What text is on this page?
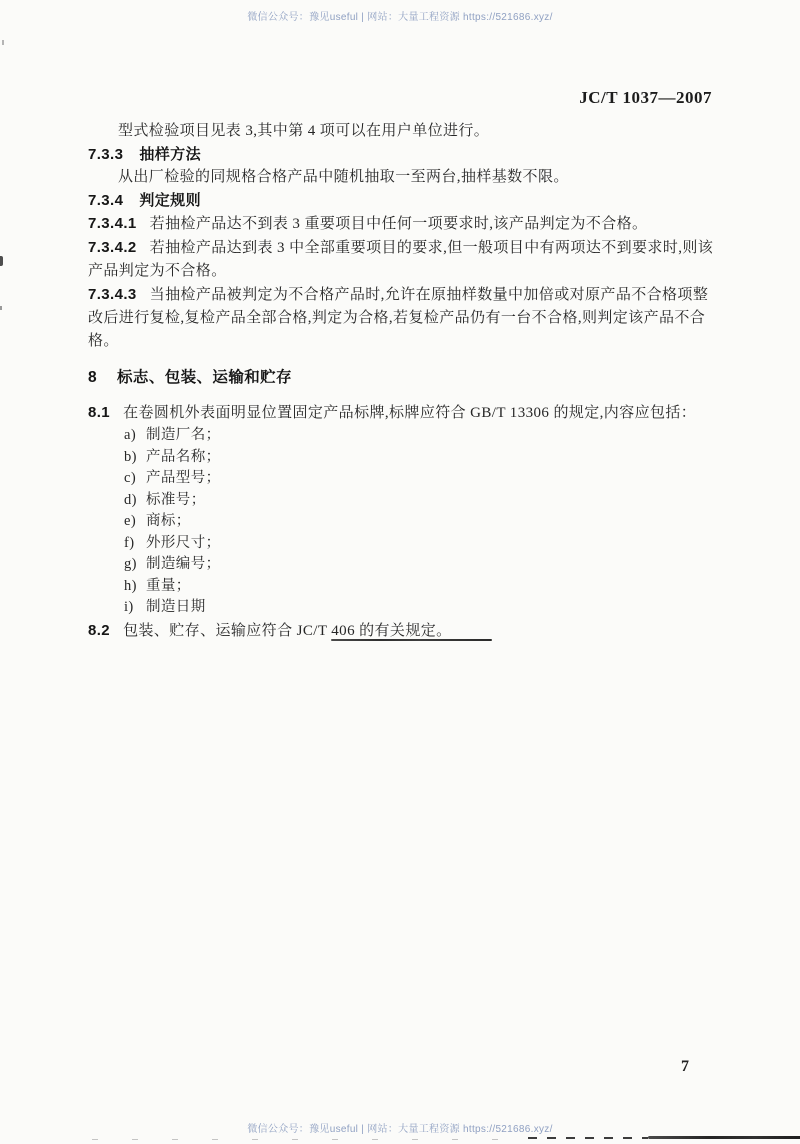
微信公众号：豫见useful | 网站：大量工程资源 https://521686.xyz/
JC/T 1037—2007

型式检验项目见表 3,其中第 4 项可以在用户单位进行。

7.3.3 抽样方法

从出厂检验的同规格合格产品中随机抽取一至两台,抽样基数不限。

7.3.4 判定规则

7.3.4.1 若抽检产品达不到表 3 重要项目中任何一项要求时,该产品判定为不合格。

7.3.4.2 若抽检产品达到表 3 中全部重要项目的要求,但一般项目中有两项达不到要求时,则该产品判定为不合格。

7.3.4.3 当抽检产品被判定为不合格产品时,允许在原抽样数量中加倍或对原产品不合格项整改后进行复检,复检产品全部合格,判定为合格,若复检产品仍有一台不合格,则判定该产品不合格。

8 标志、包装、运输和贮存

8.1 在卷圆机外表面明显位置固定产品标牌,标牌应符合 GB/T 13306 的规定,内容应包括：

a) 制造厂名；
b) 产品名称；
c) 产品型号；
d) 标准号；
e) 商标；
f) 外形尺寸；
g) 制造编号；
h) 重量；
i) 制造日期

8.2 包装、贮存、运输应符合 JC/T 406 的有关规定。

7
微信公众号：豫见useful | 网站：大量工程资源 https://521686.xyz/
